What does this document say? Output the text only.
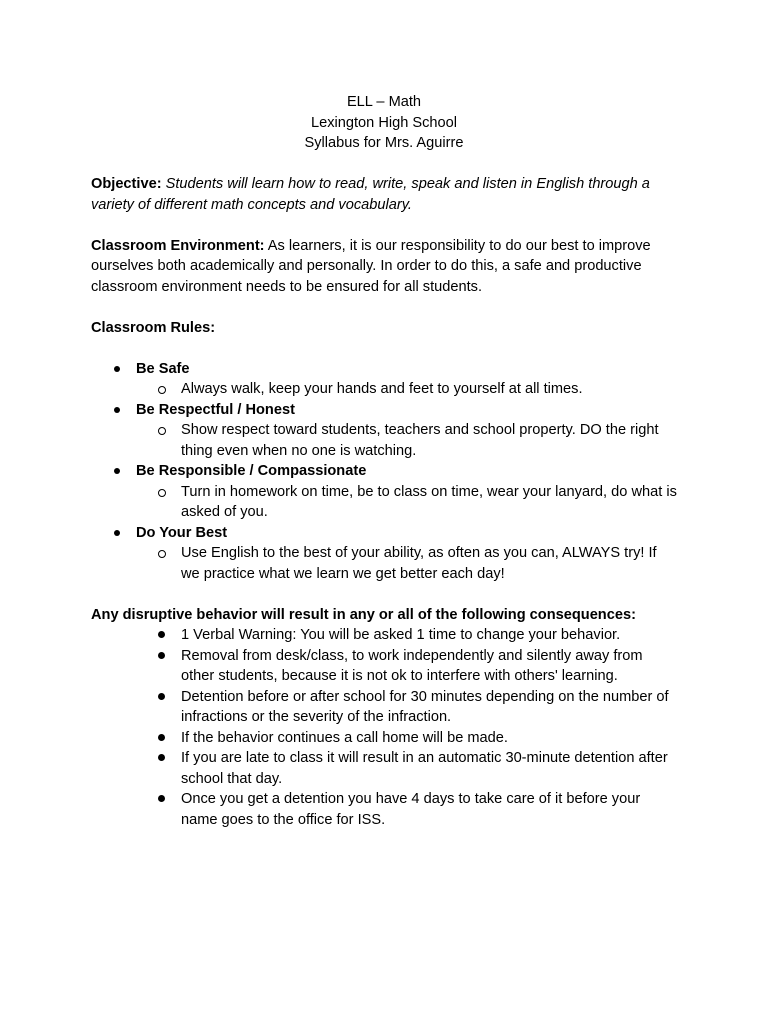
ELL – Math
Lexington High School
Syllabus for Mrs. Aguirre

Objective: Students will learn how to read, write, speak and listen in English through a variety of different math concepts and vocabulary.

Classroom Environment: As learners, it is our responsibility to do our best to improve ourselves both academically and personally. In order to do this, a safe and productive classroom environment needs to be ensured for all students.

Classroom Rules:

Be Safe
Always walk, keep your hands and feet to yourself at all times.
Be Respectful / Honest
Show respect toward students, teachers and school property. DO the right thing even when no one is watching.
Be Responsible / Compassionate
Turn in homework on time, be to class on time, wear your lanyard, do what is asked of you.
Do Your Best
Use English to the best of your ability, as often as you can, ALWAYS try! If we practice what we learn we get better each day!

Any disruptive behavior will result in any or all of the following consequences:

1 Verbal Warning: You will be asked 1 time to change your behavior.
Removal from desk/class, to work independently and silently away from other students, because it is not ok to interfere with others' learning.
Detention before or after school for 30 minutes depending on the number of infractions or the severity of the infraction.
If the behavior continues a call home will be made.
If you are late to class it will result in an automatic 30-minute detention after school that day.
Once you get a detention you have 4 days to take care of it before your name goes to the office for ISS.
